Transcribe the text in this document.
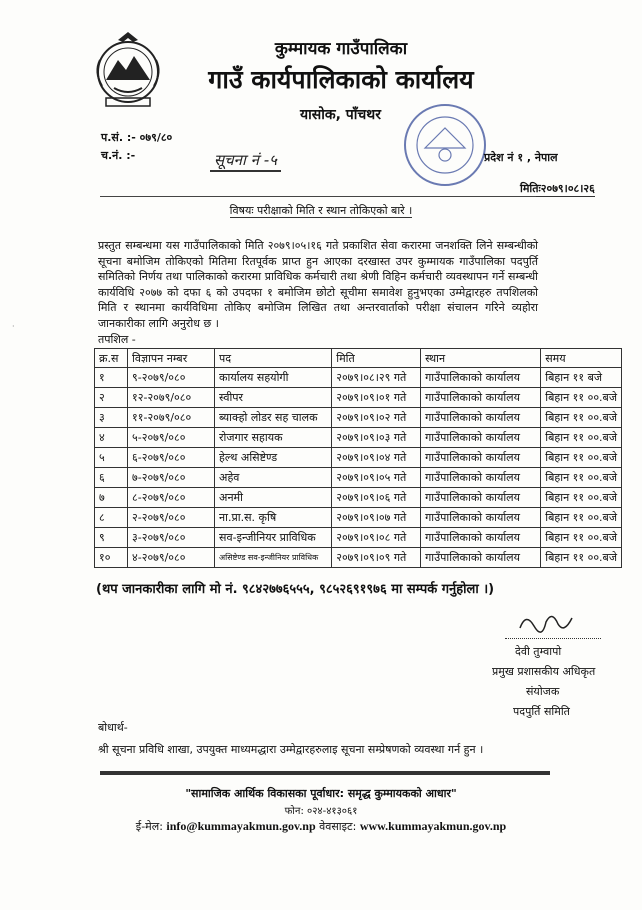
कुम्मायक गाउँपालिका
गाउँ कार्यपालिकाको कार्यालय
यासोक, पाँचथर
प.सं. :- ०७९/८०
च.नं. :-	सूचना नं -५	प्रदेश नं १ , नेपाल
मितिः२०७९।०८।२६
विषयः परीक्षाको मिति र स्थान तोकिएको बारे ।
प्रस्तुत सम्बन्धमा यस गाउँपालिकाको मिति २०७९।०५।१६ गते प्रकाशित सेवा करारमा जनशक्ति लिने सम्बन्धीको सूचना बमोजिम तोकिएको मितिमा रितपूर्वक प्राप्त हुन आएका दरखास्त उपर कुम्मायक गाउँपालिका पदपुर्ति समितिको निर्णय तथा पालिकाको करारमा प्राविधिक कर्मचारी तथा श्रेणी विहिन कर्मचारी व्यवस्थापन गर्ने सम्बन्धी कार्यविधि २०७७ को दफा ६ को उपदफा १ बमोजिम छोटो सूचीमा समावेश हुनुभएका उम्मेद्वारहरु तपशिलको मिति र स्थानमा कार्यविधिमा तोकिए बमोजिम लिखित तथा अन्तरवार्ताको परीक्षा संचालन गरिने व्यहोरा जानकारीका लागि अनुरोध छ ।
·
तपशिल -
क्र.स	विज्ञापन नम्बर	पद	मिति	स्थान	समय
१	९-२०७९/०८०	कार्यालय सहयोगी	२०७९।०८।२९ गते	गाउँपालिकाको कार्यालय	बिहान ११ बजे
२	१२-२०७९/०८०	स्वीपर	२०७९।०९।०१ गते	गाउँपालिकाको कार्यालय	बिहान ११ ००.बजे
३	११-२०७९/०८०	ब्याक्हो लोडर सह चालक	२०७९।०९।०२ गते	गाउँपालिकाको कार्यालय	बिहान ११ ००.बजे
४	५-२०७९/०८०	रोजगार सहायक	२०७९।०९।०३ गते	गाउँपालिकाको कार्यालय	बिहान ११ ००.बजे
५	६-२०७९/०८०	हेल्थ असिष्टेण्ड	२०७९।०९।०४ गते	गाउँपालिकाको कार्यालय	बिहान ११ ००.बजे
६	७-२०७९/०८०	अहेव	२०७९।०९।०५ गते	गाउँपालिकाको कार्यालय	बिहान ११ ००.बजे
७	८-२०७९/०८०	अनमी	२०७९।०९।०६ गते	गाउँपालिकाको कार्यालय	बिहान ११ ००.बजे
८	२-२०७९/०८०	ना.प्रा.स. कृषि	२०७९।०९।०७ गते	गाउँपालिकाको कार्यालय	बिहान ११ ००.बजे
९	३-२०७९/०८०	सव-इन्जीनियर प्राविधिक	२०७९।०९।०८ गते	गाउँपालिकाको कार्यालय	बिहान ११ ००.बजे
१०	४-२०७९/०८०	असिष्टेण्ड सव-इन्जीनियर प्राविधिक	२०७९।०९।०९ गते	गाउँपालिकाको कार्यालय	बिहान ११ ००.बजे
(थप जानकारीका लागि मो नं. ९८४२७७६५५५, ९८५२६९१९७६ मा सम्पर्क गर्नुहोला ।)
देवी तुम्वापो
प्रमुख प्रशासकीय अधिकृत
संयोजक
पदपुर्ति समिति
बोधार्थ-
श्री सूचना प्रविधि शाखा, उपयुक्त माध्यमद्धारा उम्मेद्वारहरुलाइ सूचना सम्प्रेषणको व्यवस्था गर्न हुन ।
"सामाजिक आर्थिक विकासका पूर्वाधार: समृद्ध कुम्मायकको आधार"
फोन: ०२४-४१३०६१
ई-मेल: info@kummayakmun.gov.np वेवसाइट: www.kummayakmun.gov.np
